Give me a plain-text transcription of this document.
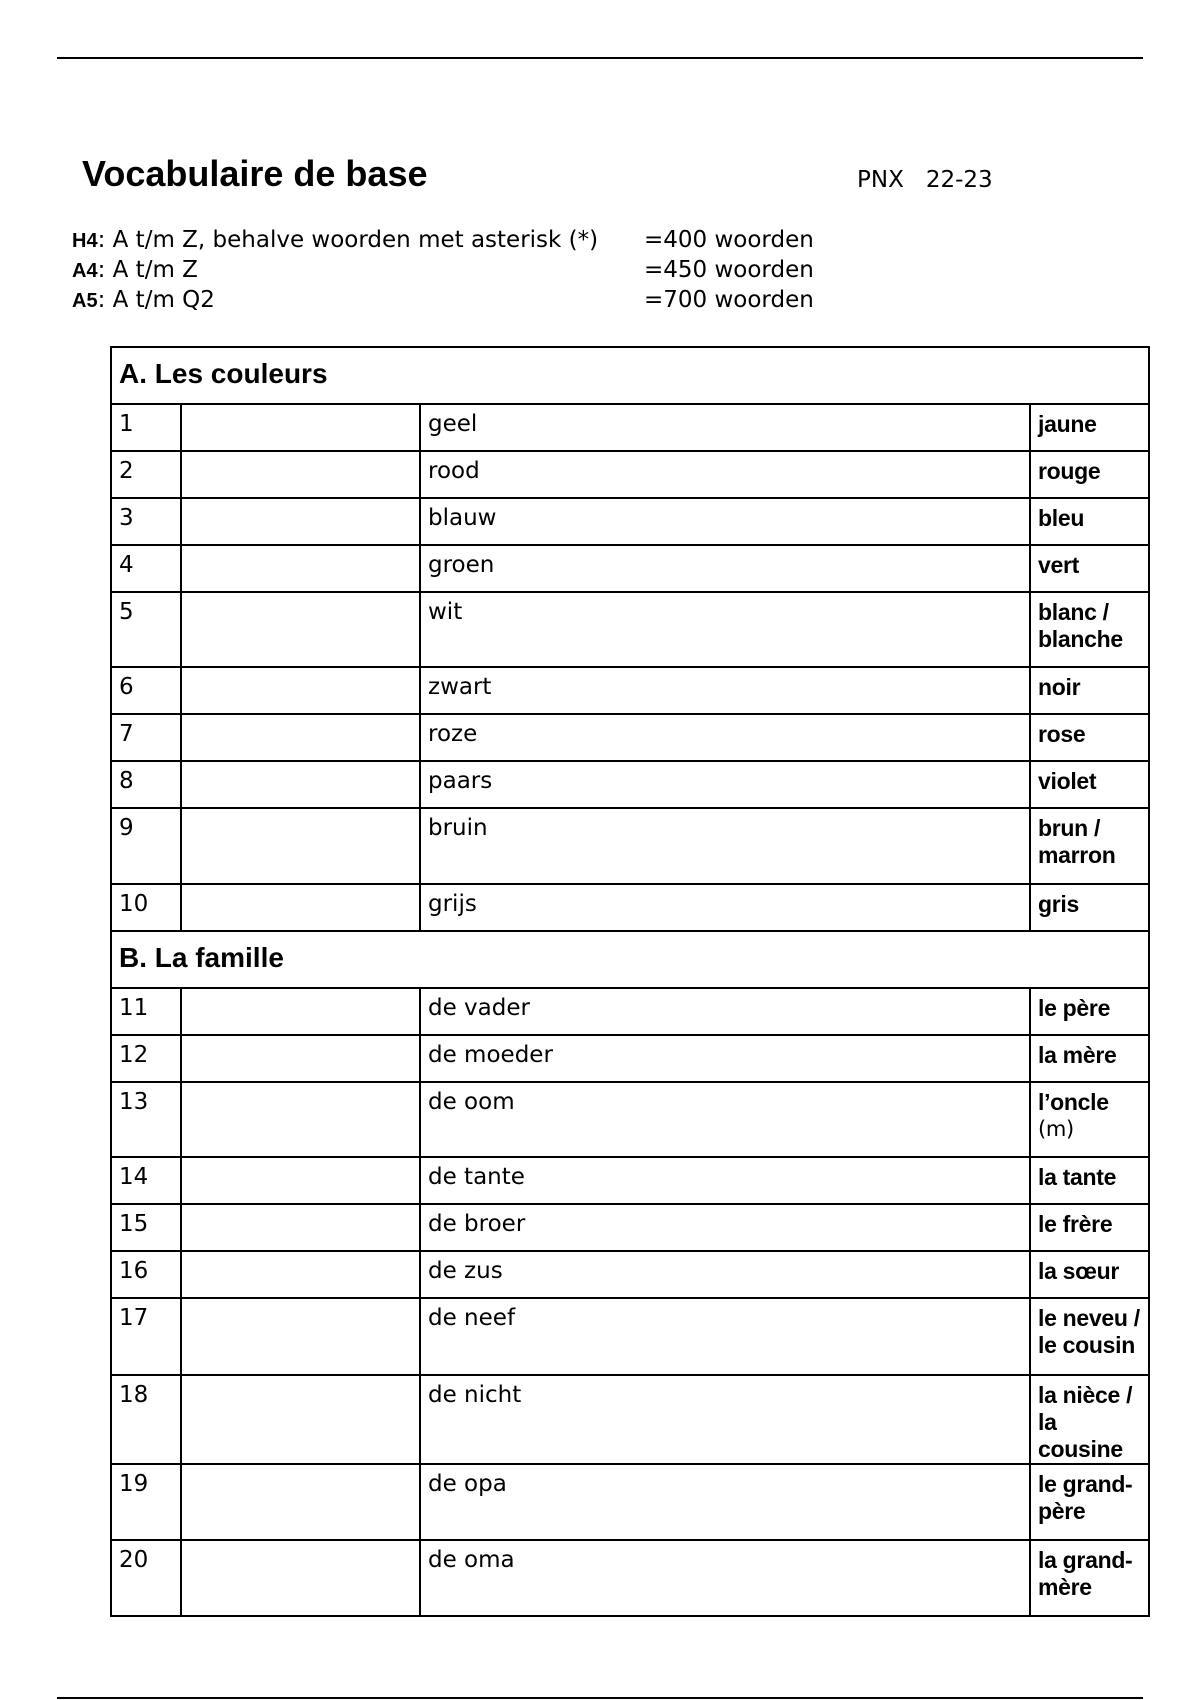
Vocabulaire de base	PNX 22-23
H4: A t/m Z, behalve woorden met asterisk (*) =400 woorden
A4: A t/m Z	=450 woorden
A5: A t/m Q2	=700 woorden
A. Les couleurs			
1		geel	jaune
2		rood	rouge
3		blauw	bleu
4		groen	vert
5		wit	blanc / blanche
6		zwart	noir
7		roze	rose
8		paars	violet
9		bruin	brun / marron
10		grijs	gris
B. La famille			
11		de vader	le père
12		de moeder	la mère
13		de oom	l’oncle
(m)

14		de tante	la tante
15		de broer	le frère
16		de zus	la sœur
17		de neef	le neveu / le cousin
18		de nicht	la nièce / la cousine
19		de opa	le grand-père
20		de oma	la grand-mère
